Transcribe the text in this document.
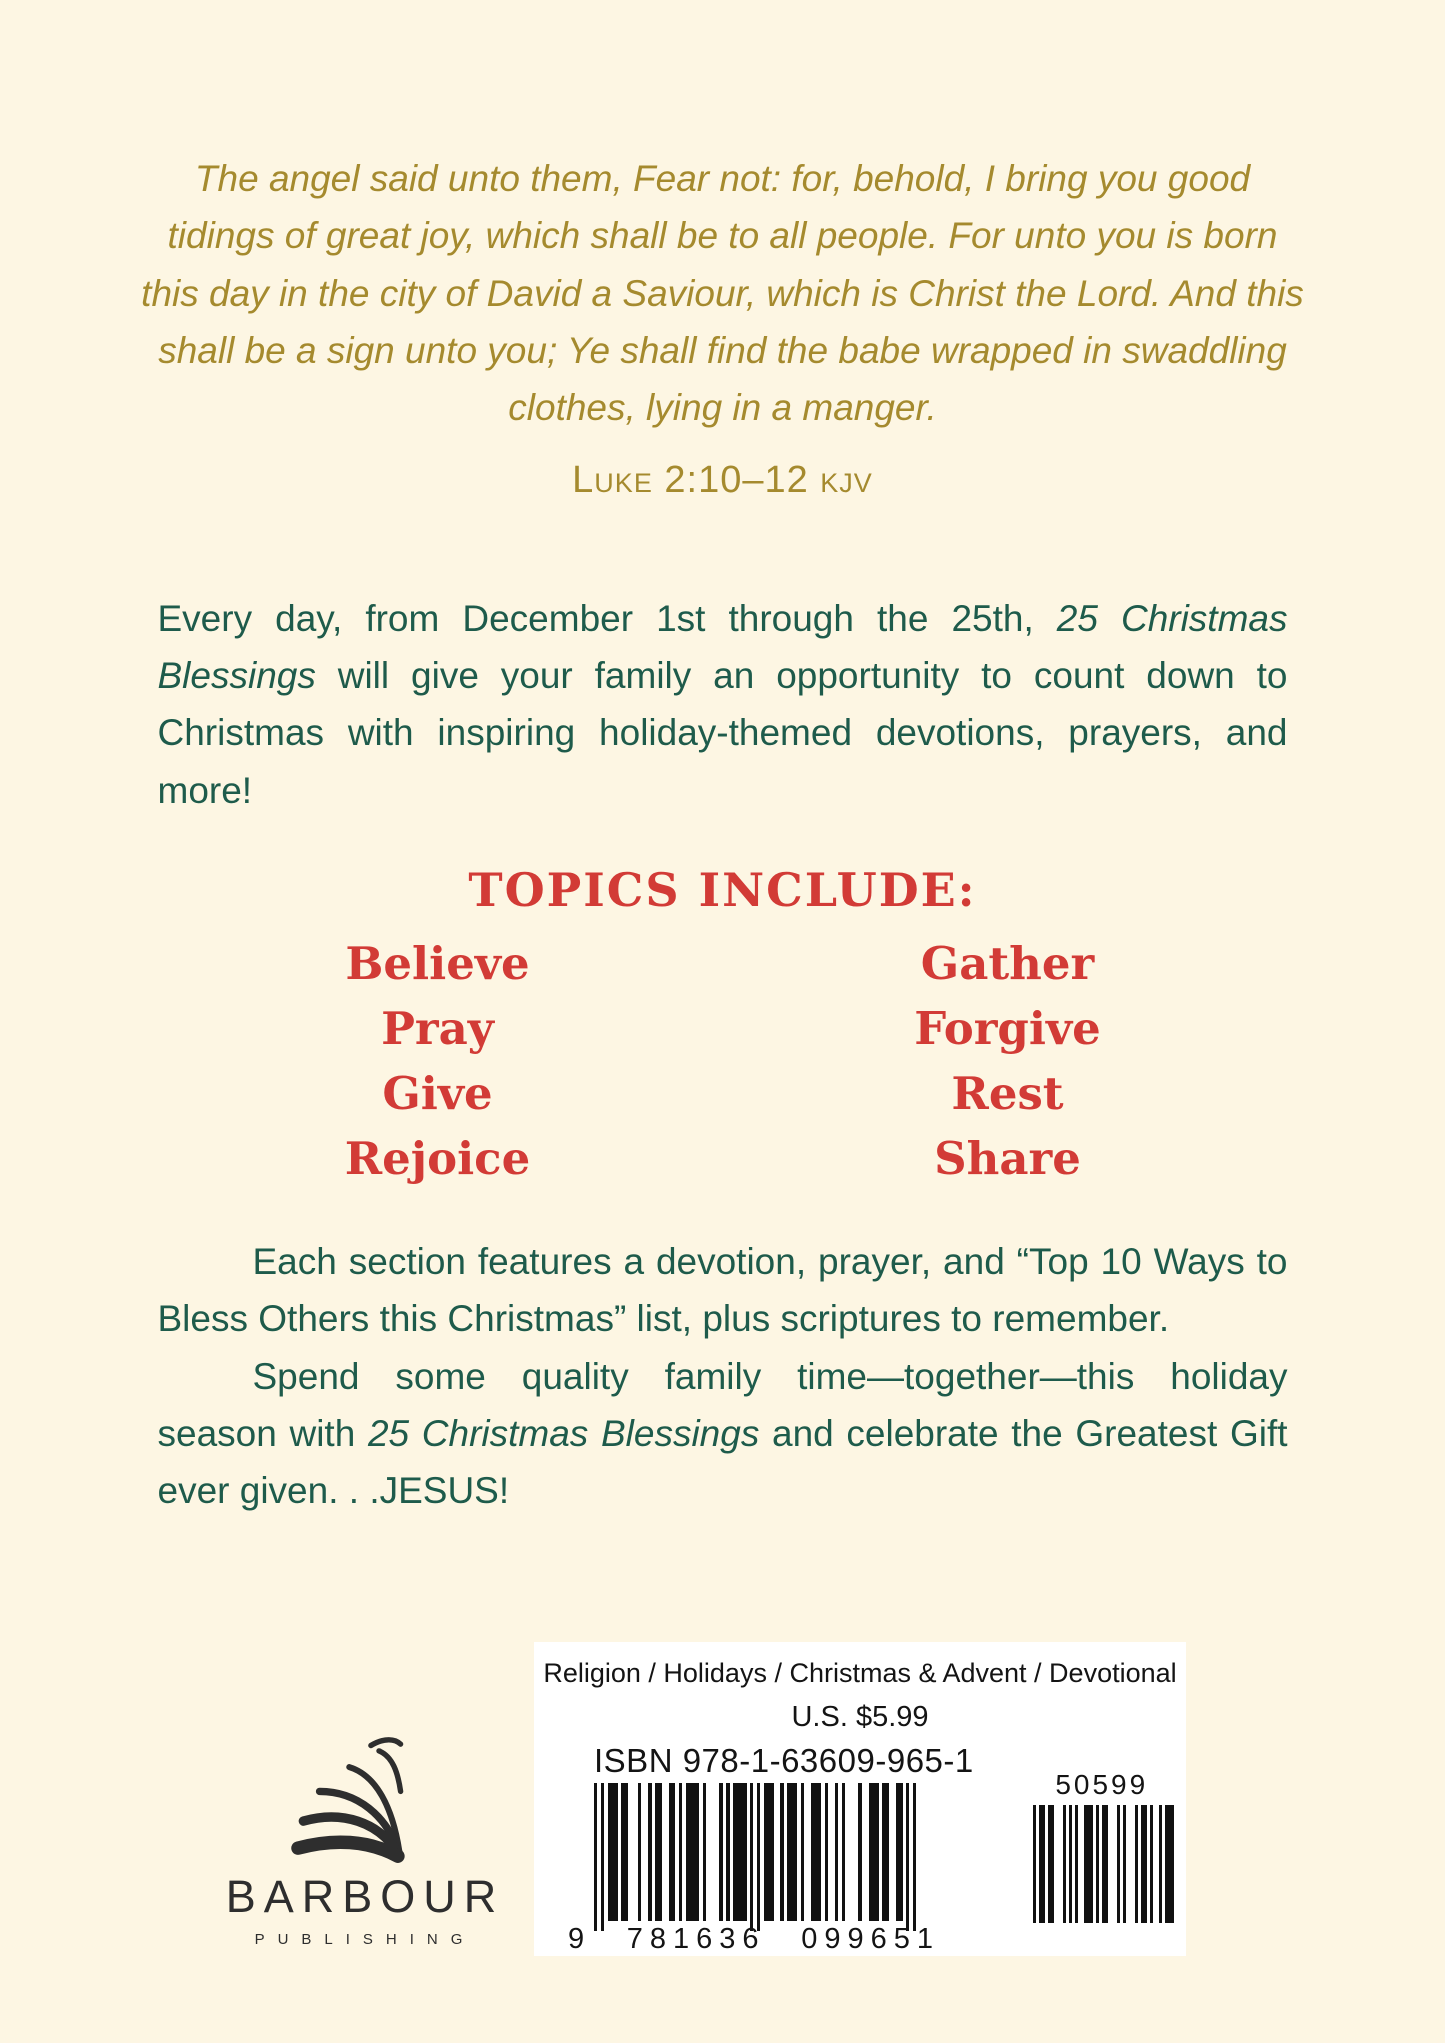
The angel said unto them, Fear not: for, behold, I bring you good tidings of great joy, which shall be to all people. For unto you is born this day in the city of David a Saviour, which is Christ the Lord. And this shall be a sign unto you; Ye shall find the babe wrapped in swaddling clothes, lying in a manger.
Luke 2:10–12 kjv
Every day, from December 1st through the 25th, 25 Christmas Blessings will give your family an opportunity to count down to Christmas with inspiring holiday-themed devotions, prayers, and more!
TOPICS INCLUDE:
Believe	Gather
Pray	Forgive
Give	Rest
Rejoice	Share
Each section features a devotion, prayer, and “Top 10 Ways to Bless Others this Christmas” list, plus scriptures to remember.
Spend some quality family time—together—this holiday season with 25 Christmas Blessings and celebrate the Greatest Gift ever given. . .JESUS!
Religion / Holidays / Christmas & Advent / Devotional
U.S. $5.99
ISBN 978-1-63609-965-1
9 781636 099651
50599
BARBOUR
PUBLISHING
